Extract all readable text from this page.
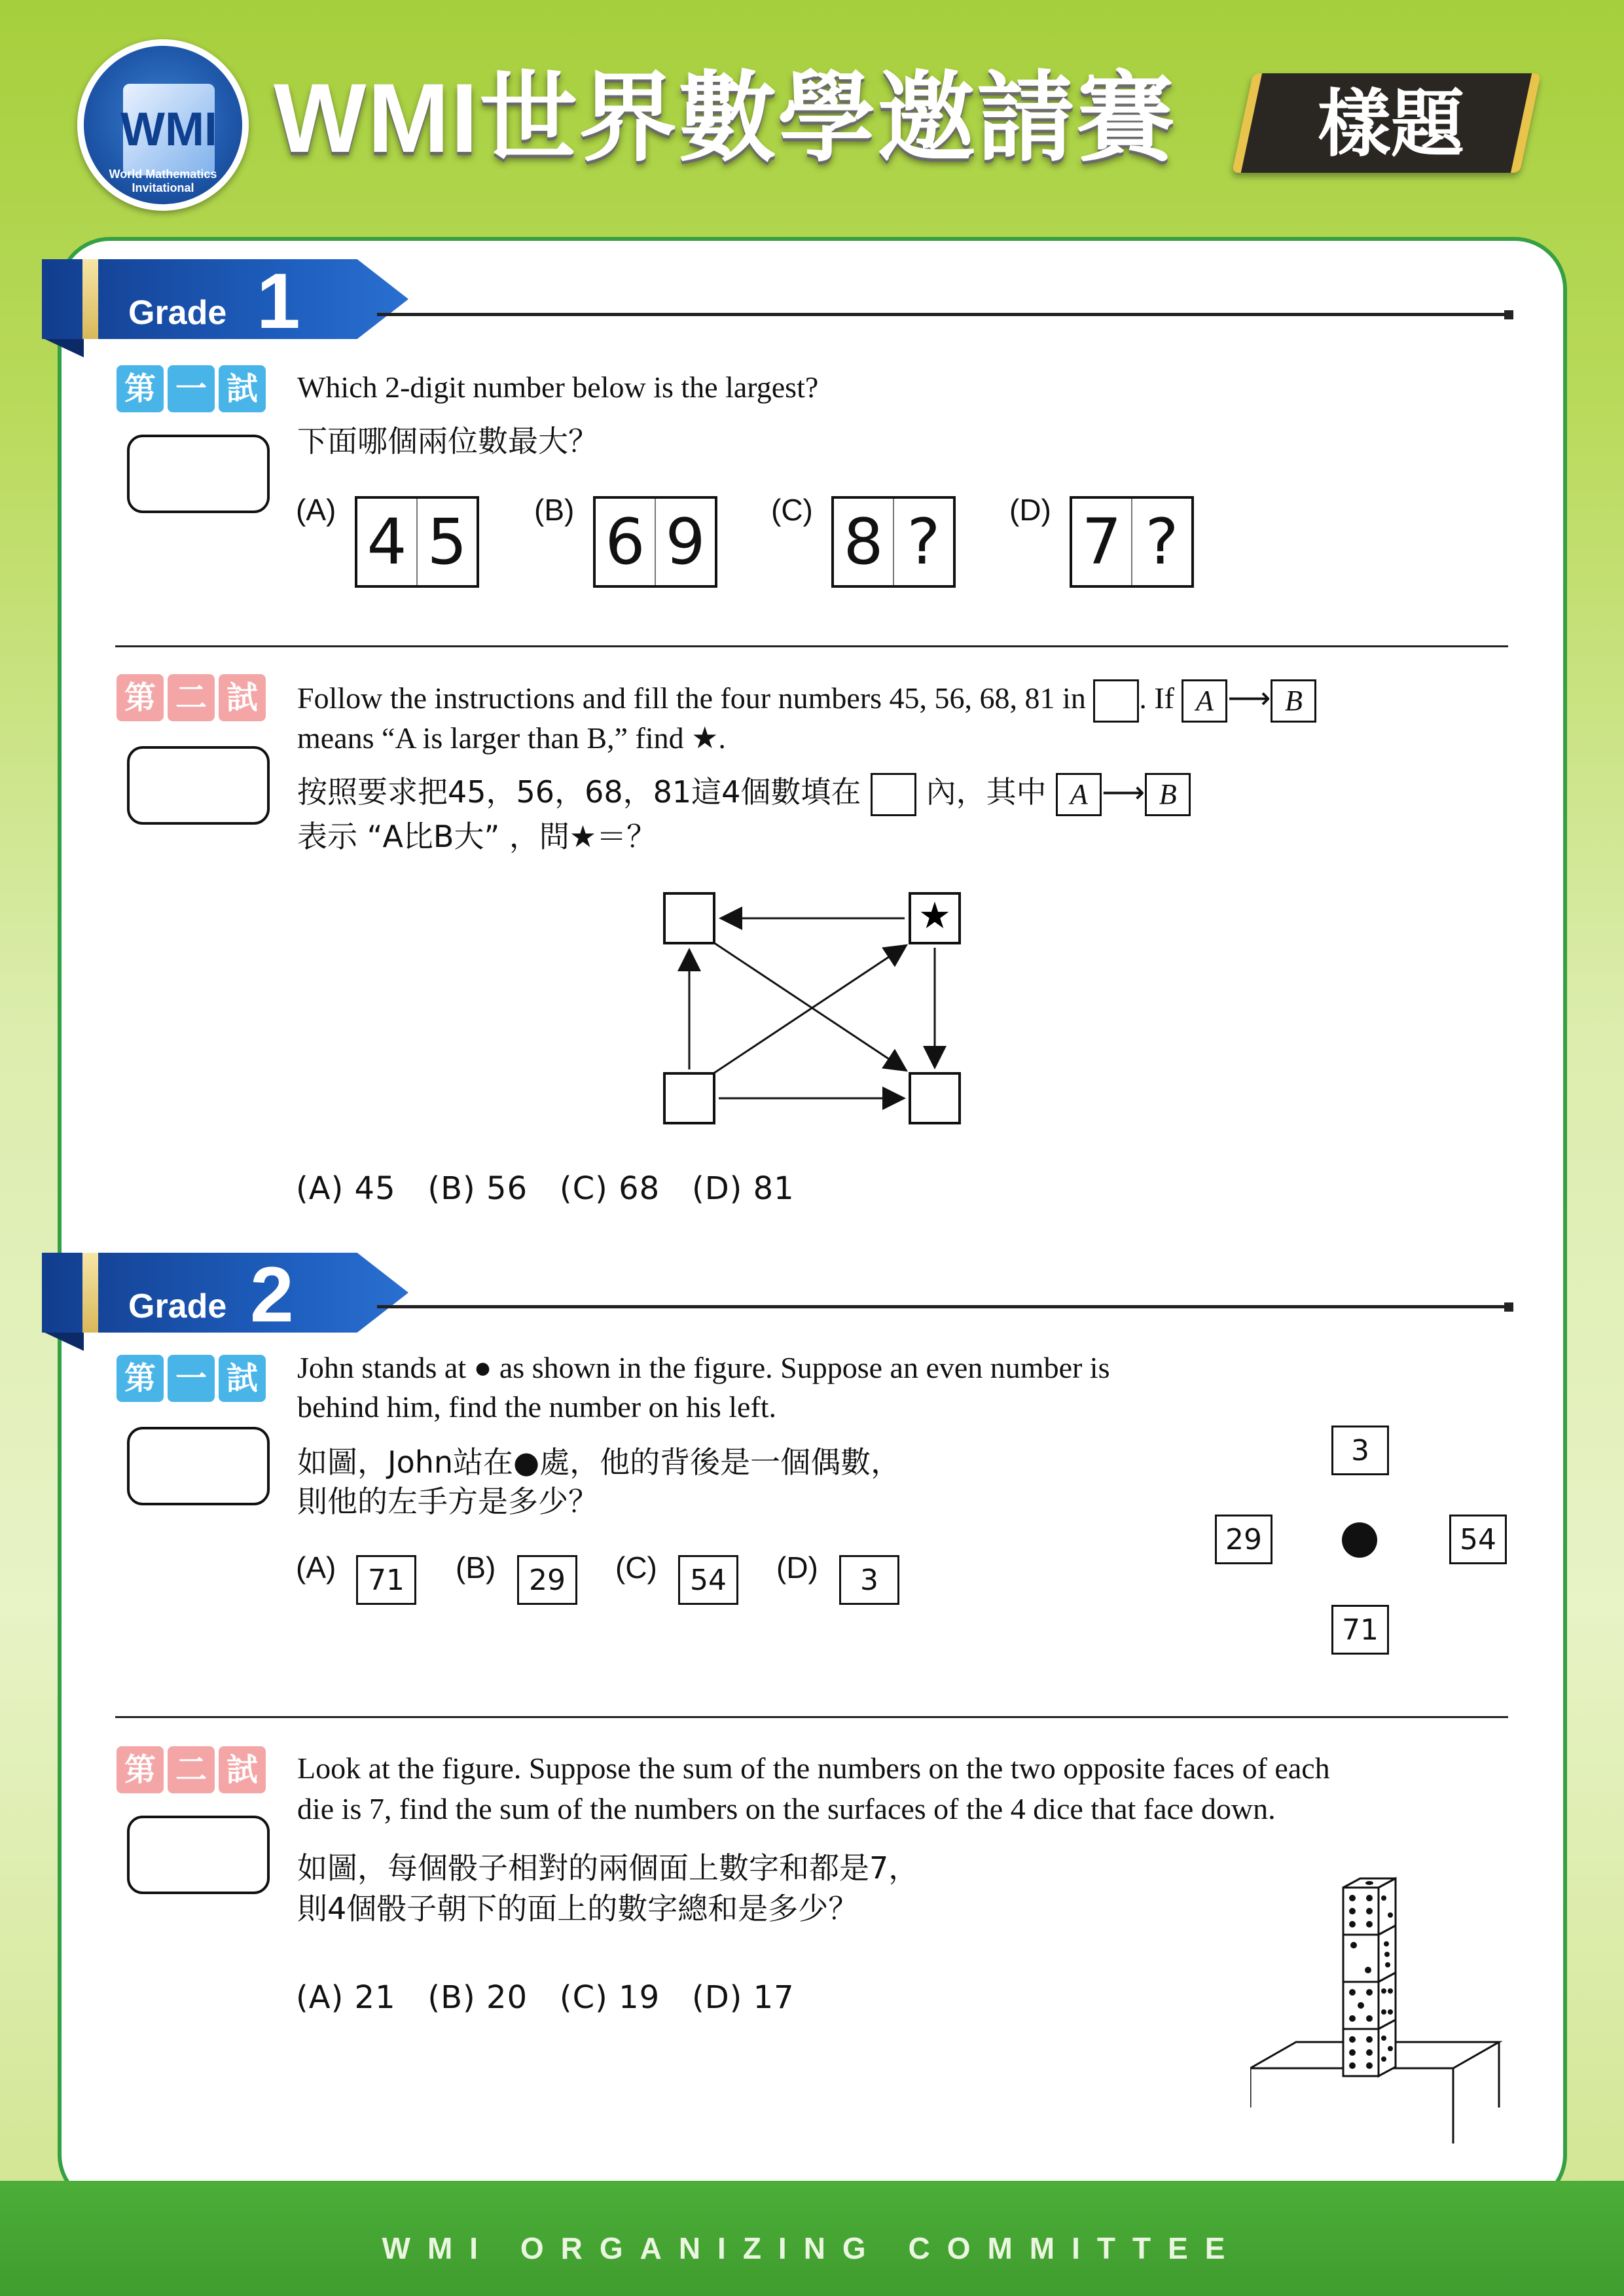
WMI
World Mathematics Invitational
WMI世界數學邀請賽	樣題
Grade 1
第 一 試 Which 2-digit number below is the largest?
下面哪個兩位數最大？
(A) 4 5	(B) 6 9	(C) 8 ?	(D) 7 ?
第 二 試 Follow the instructions and fill the four numbers 45, 56, 68, 81 in . If A ⟶ B
means “A is larger than B,” find ★.
按照要求把45，56，68，81這4個數填在 內，其中 A ⟶ B
表示 “A比B大” ，問★＝？
★
(A) 45   (B) 56   (C) 68   (D) 81
Grade 2
第 一 試 John stands at ● as shown in the figure. Suppose an even number is
behind him, find the number on his left.
如圖，John站在●處，他的背後是一個偶數，
則他的左手方是多少？
(A)	71	(B)	29	(C)	54	(D)	3
3
29	54
71
第 二 試 Look at the figure. Suppose the sum of the numbers on the two opposite faces of each
die is 7, find the sum of the numbers on the surfaces of the 4 dice that face down.
如圖，每個骰子相對的兩個面上數字和都是7，
則4個骰子朝下的面上的數字總和是多少？
(A) 21   (B) 20   (C) 19   (D) 17
WMI ORGANIZING COMMITTEE
